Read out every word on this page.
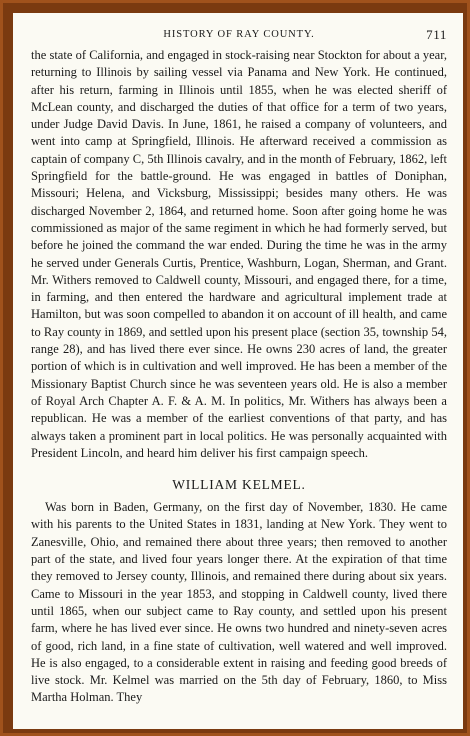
HISTORY OF RAY COUNTY.	711

the state of California, and engaged in stock-raising near Stockton for about a year, returning to Illinois by sailing vessel via Panama and New York. He continued, after his return, farming in Illinois until 1855, when he was elected sheriff of McLean county, and discharged the duties of that office for a term of two years, under Judge David Davis. In June, 1861, he raised a company of volunteers, and went into camp at Springfield, Illinois. He afterward received a commission as captain of company C, 5th Illinois cavalry, and in the month of February, 1862, left Springfield for the battle-ground. He was engaged in battles of Doniphan, Missouri; Helena, and Vicksburg, Mississippi; besides many others. He was discharged November 2, 1864, and returned home. Soon after going home he was commissioned as major of the same regiment in which he had formerly served, but before he joined the command the war ended. During the time he was in the army he served under Generals Curtis, Prentice, Washburn, Logan, Sherman, and Grant. Mr. Withers removed to Caldwell county, Missouri, and engaged there, for a time, in farming, and then entered the hardware and agricultural implement trade at Hamilton, but was soon compelled to abandon it on account of ill health, and came to Ray county in 1869, and settled upon his present place (section 35, township 54, range 28), and has lived there ever since. He owns 230 acres of land, the greater portion of which is in cultivation and well improved. He has been a member of the Missionary Baptist Church since he was seventeen years old. He is also a member of Royal Arch Chapter A. F. & A. M. In politics, Mr. Withers has always been a republican. He was a member of the earliest conventions of that party, and has always taken a prominent part in local politics. He was personally acquainted with President Lincoln, and heard him deliver his first campaign speech.

WILLIAM KELMEL.

Was born in Baden, Germany, on the first day of November, 1830. He came with his parents to the United States in 1831, landing at New York. They went to Zanesville, Ohio, and remained there about three years; then removed to another part of the state, and lived four years longer there. At the expiration of that time they removed to Jersey county, Illinois, and remained there during about six years. Came to Missouri in the year 1853, and stopping in Caldwell county, lived there until 1865, when our subject came to Ray county, and settled upon his present farm, where he has lived ever since. He owns two hundred and ninety-seven acres of good, rich land, in a fine state of cultivation, well watered and well improved. He is also engaged, to a considerable extent in raising and feeding good breeds of live stock. Mr. Kelmel was married on the 5th day of February, 1860, to Miss Martha Holman. They
